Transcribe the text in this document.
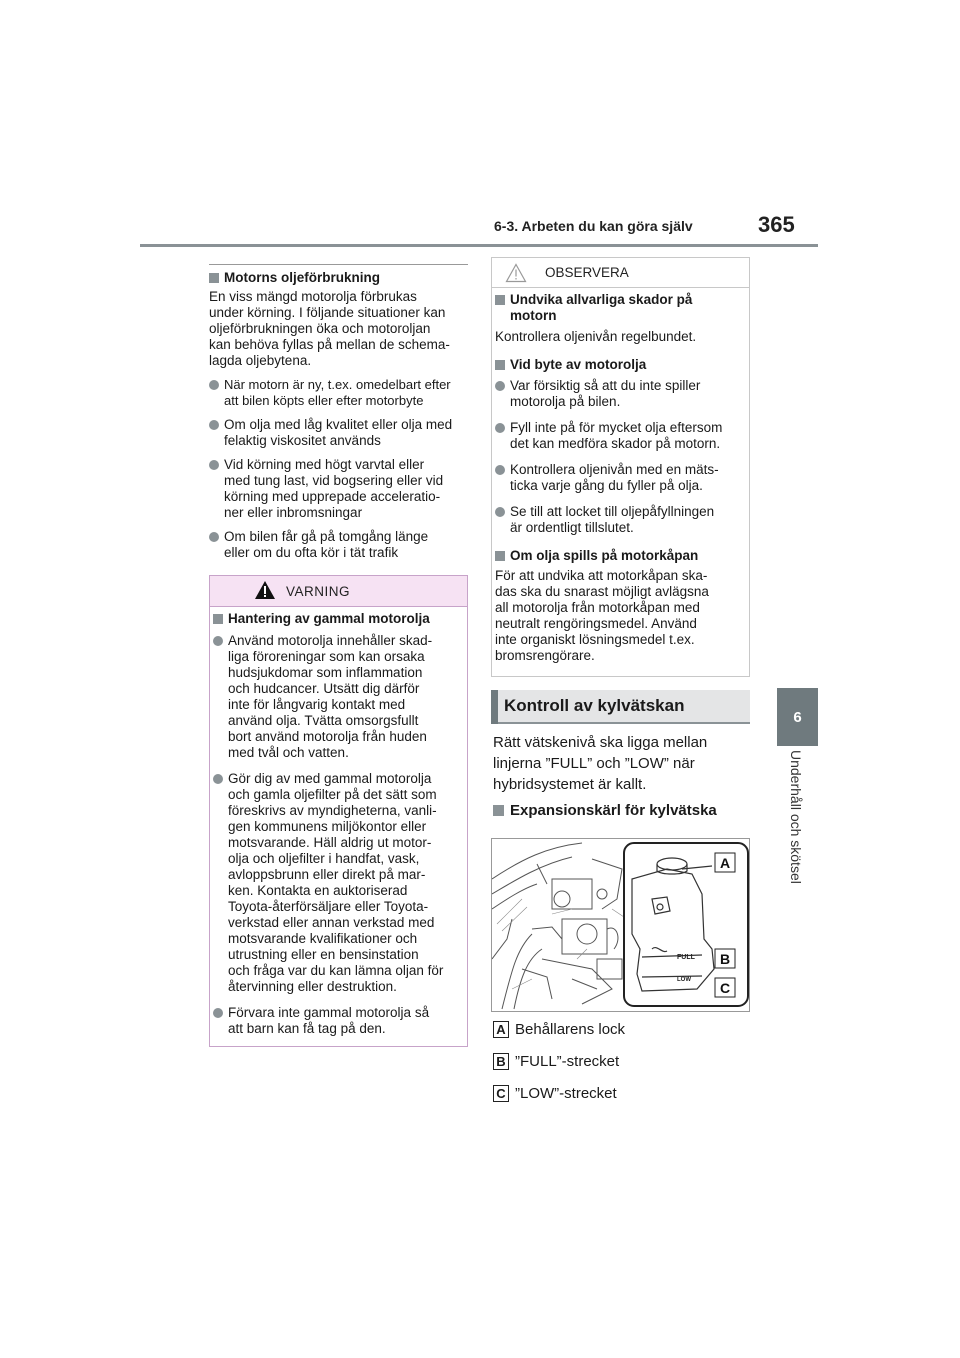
6-3. Arbeten du kan göra själv	365
6
Underhåll och skötsel
Motorns oljeförbrukning

En viss mängd motorolja förbrukas
under körning. I följande situationer kan
oljeförbrukningen öka och motoroljan
kan behöva fyllas på mellan de schema-
lagda oljebytena.

När motorn är ny, t.ex. omedelbart efter
att bilen köpts eller efter motorbyte
Om olja med låg kvalitet eller olja med
felaktig viskositet används
Vid körning med högt varvtal eller
med tung last, vid bogsering eller vid
körning med upprepade acceleratio-
ner eller inbromsningar
Om bilen får gå på tomgång länge
eller om du ofta kör i tät trafik
VARNING
Hantering av gammal motorolja
Använd motorolja innehåller skad-
liga föroreningar som kan orsaka
hudsjukdomar som inflammation
och hudcancer. Utsätt dig därför
inte för långvarig kontakt med
använd olja. Tvätta omsorgsfullt
bort använd motorolja från huden
med tvål och vatten.
Gör dig av med gammal motorolja
och gamla oljefilter på det sätt som
föreskrivs av myndigheterna, vanli-
gen kommunens miljökontor eller
motsvarande. Häll aldrig ut motor-
olja och oljefilter i handfat, vask,
avloppsbrunn eller direkt på mar-
ken. Kontakta en auktoriserad
Toyota-återförsäljare eller Toyota-
verkstad eller annan verkstad med
motsvarande kvalifikationer och
utrustning eller en bensinstation
och fråga var du kan lämna oljan för
återvinning eller destruktion.
Förvara inte gammal motorolja så
att barn kan få tag på den.
OBSERVERA
Undvika allvarliga skador på
motorn

Kontrollera oljenivån regelbundet.

Vid byte av motorolja
Var försiktig så att du inte spiller
motorolja på bilen.
Fyll inte på för mycket olja eftersom
det kan medföra skador på motorn.
Kontrollera oljenivån med en mäts-
ticka varje gång du fyller på olja.
Se till att locket till oljepåfyllningen
är ordentligt tillslutet.
Om olja spills på motorkåpan

För att undvika att motorkåpan ska-
das ska du snarast möjligt avlägsna
all motorolja från motorkåpan med
neutralt rengöringsmedel. Använd
inte organiskt lösningsmedel t.ex.
bromsrengörare.

Kontroll av kylvätskan
Rätt vätskenivå ska ligga mellan
linjerna ”FULL” och ”LOW” när
hybridsystemet är kallt.
Expansionskärl för kylvätska
FULL
LOW
A
B
C
A Behållarens lock
B ”FULL”-strecket
C ”LOW”-strecket
